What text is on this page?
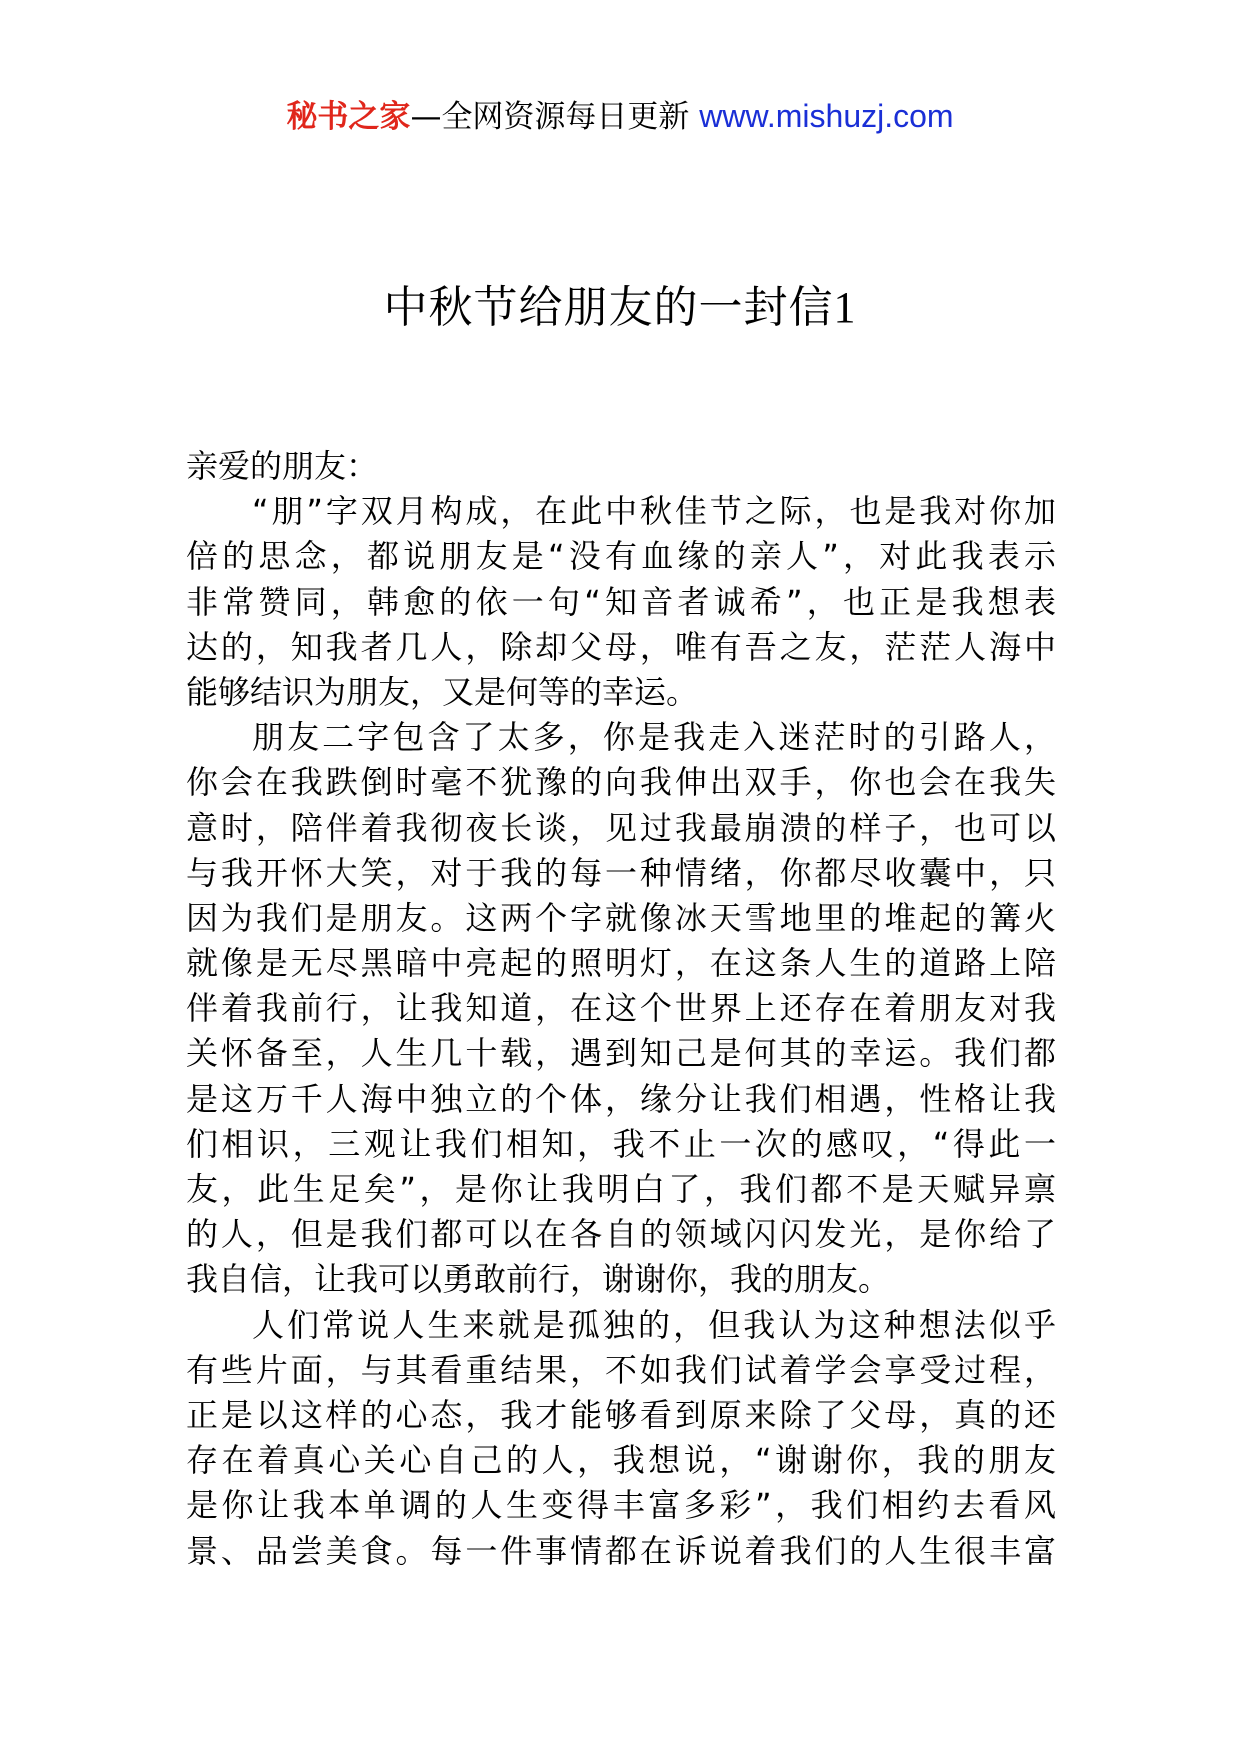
秘书之家—全网资源每日更新 www.mishuzj.com
中秋节给朋友的一封信1
亲爱的朋友：
“朋”字双月构成，在此中秋佳节之际，也是我对你加
倍的思念，都说朋友是“没有血缘的亲人”，对此我表示
非常赞同，韩愈的依一句“知音者诚希”，也正是我想表
达的，知我者几人，除却父母，唯有吾之友，茫茫人海中
能够结识为朋友，又是何等的幸运。
朋友二字包含了太多，你是我走入迷茫时的引路人，
你会在我跌倒时毫不犹豫的向我伸出双手，你也会在我失
意时，陪伴着我彻夜长谈，见过我最崩溃的样子，也可以
与我开怀大笑，对于我的每一种情绪，你都尽收囊中，只
因为我们是朋友。这两个字就像冰天雪地里的堆起的篝火
就像是无尽黑暗中亮起的照明灯，在这条人生的道路上陪
伴着我前行，让我知道，在这个世界上还存在着朋友对我
关怀备至，人生几十载，遇到知己是何其的幸运。我们都
是这万千人海中独立的个体，缘分让我们相遇，性格让我
们相识，三观让我们相知，我不止一次的感叹，“得此一
友，此生足矣”，是你让我明白了，我们都不是天赋异禀
的人，但是我们都可以在各自的领域闪闪发光，是你给了
我自信，让我可以勇敢前行，谢谢你，我的朋友。
人们常说人生来就是孤独的，但我认为这种想法似乎
有些片面，与其看重结果，不如我们试着学会享受过程，
正是以这样的心态，我才能够看到原来除了父母，真的还
存在着真心关心自己的人，我想说，“谢谢你，我的朋友
是你让我本单调的人生变得丰富多彩”，我们相约去看风
景、品尝美食。每一件事情都在诉说着我们的人生很丰富
